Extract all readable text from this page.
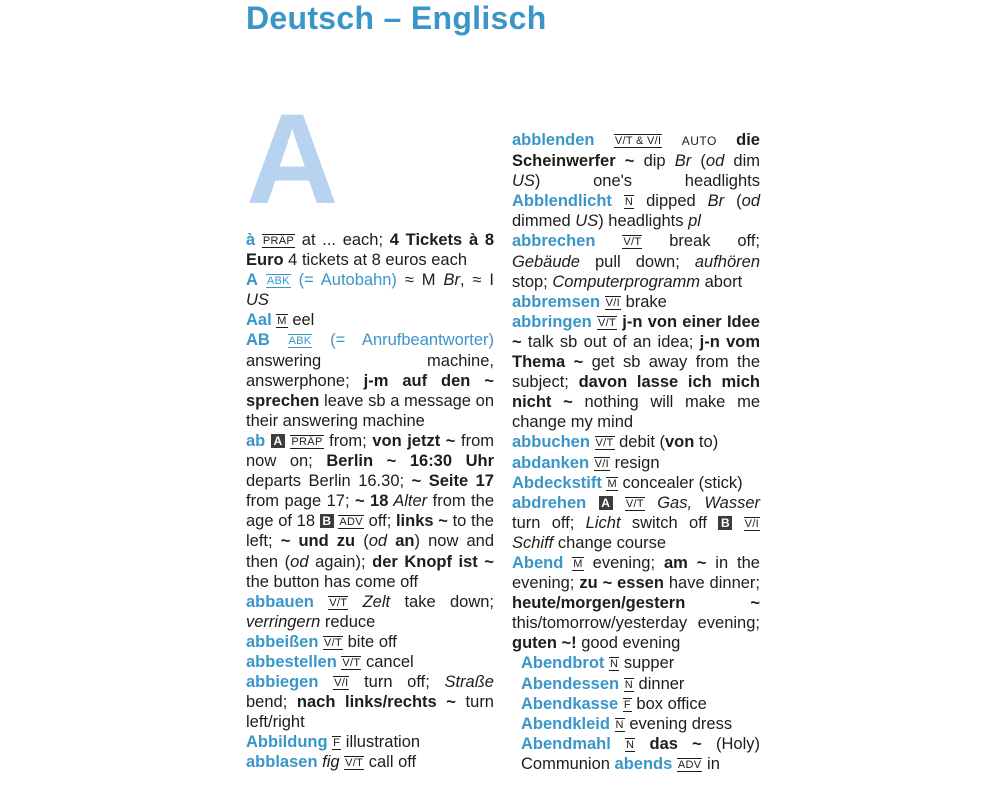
Deutsch – Englisch
A
à PRÄP at ... each; 4 Tickets à 8 Euro 4 tickets at 8 euros each
A ABK (= Autobahn) ≈ M Br, ≈ I US
Aal M eel
AB ABK (= Anrufbeantworter) answering machine, answerphone; j-m auf den ~ sprechen leave sb a message on their answering machine
ab A PRÄP from; von jetzt ~ from now on; Berlin ~ 16:30 Uhr departs Berlin 16.30; ~ Seite 17 from page 17; ~ 18 Alter from the age of 18 B ADV off; links ~ to the left; ~ und zu (od an) now and then (od again); der Knopf ist ~ the button has come off
abbauen V/T Zelt take down; verringern reduce
abbeißen V/T bite off
abbestellen V/T cancel
abbiegen V/I turn off; Straße bend; nach links/rechts ~ turn left/right
Abbildung F illustration
abblasen fig V/T call off
abblenden V/T & V/I AUTO die Scheinwerfer ~ dip Br (od dim US) one's headlights Abblendlicht N dipped Br (od dimmed US) headlights pl
abbrechen	V/T break off; Gebäude pull down; aufhören stop; Computerprogramm abort
abbremsen V/I brake
abbringen V/T j-n von einer Idee ~ talk sb out of an idea; j-n vom Thema ~ get sb away from the subject; davon lasse ich mich nicht ~ nothing will make me change my mind
abbuchen V/T debit (von to)
abdanken V/I resign
Abdeckstift M concealer (stick)
abdrehen A V/T Gas, Wasser turn off; Licht switch off B V/I Schiff change course
Abend M evening; am ~ in the evening; zu ~ essen have dinner; heute/morgen/gestern ~ this/tomorrow/yesterday evening; guten ~! good evening
Abendbrot N supper
Abendessen N dinner
Abendkasse F box office
Abendkleid N evening dress
Abendmahl N das ~ (Holy) Communion abends ADV in
